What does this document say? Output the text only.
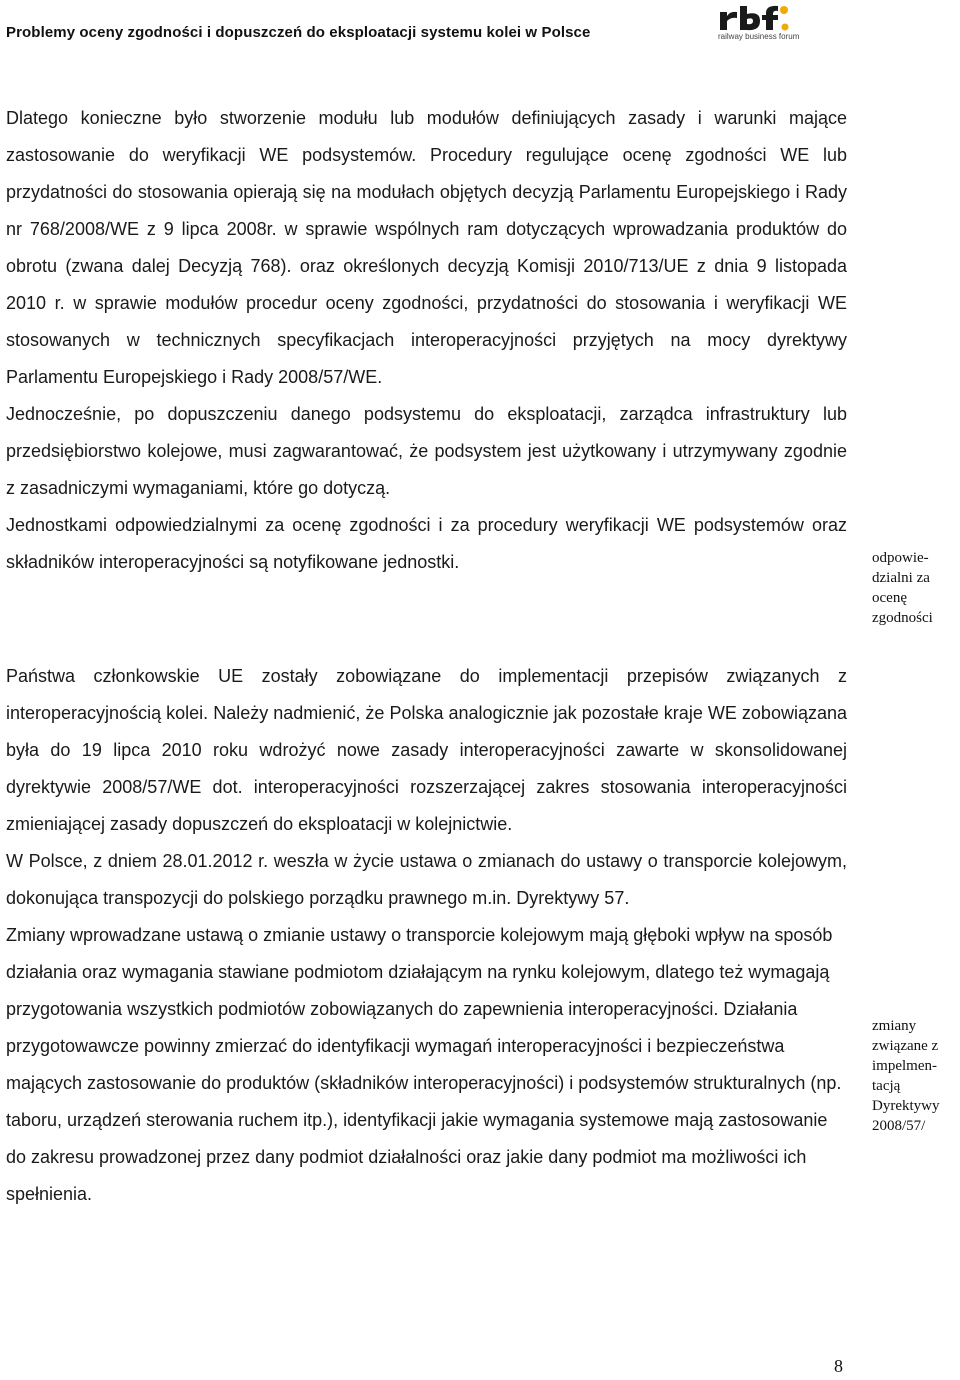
Problemy oceny zgodności i dopuszczeń do eksploatacji systemu kolei w Polsce	railway business forum

Dlatego konieczne było stworzenie modułu lub modułów definiujących zasady i warunki mające zastosowanie do weryfikacji WE podsystemów. Procedury regulujące ocenę zgodności WE lub przydatności do stosowania opierają się na modułach objętych decyzją Parlamentu Europejskiego i Rady nr 768/2008/WE z 9 lipca 2008r. w sprawie wspólnych ram dotyczących wprowadzania produktów do obrotu (zwana dalej Decyzją 768). oraz określonych decyzją Komisji 2010/713/UE z dnia 9 listopada 2010 r. w sprawie modułów procedur oceny zgodności, przydatności do stosowania i weryfikacji WE stosowanych w technicznych specyfikacjach interoperacyjności przyjętych na mocy dyrektywy Parlamentu Europejskiego i Rady 2008/57/WE.

Jednocześnie, po dopuszczeniu danego podsystemu do eksploatacji, zarządca infrastruktury lub przedsiębiorstwo kolejowe, musi zagwarantować, że podsystem jest użytkowany i utrzymywany zgodnie z zasadniczymi wymaganiami, które go dotyczą.

Jednostkami odpowiedzialnymi za ocenę zgodności i za procedury weryfikacji WE podsystemów oraz składników interoperacyjności są notyfikowane jednostki.	odpowie-
dzialni za
ocenę
zgodności

Państwa członkowskie UE zostały zobowiązane do implementacji przepisów związanych z interoperacyjnością kolei. Należy nadmienić, że Polska analogicznie jak pozostałe kraje WE zobowiązana była do 19 lipca 2010 roku wdrożyć nowe zasady interoperacyjności zawarte w skonsolidowanej dyrektywie 2008/57/WE dot. interoperacyjności rozszerzającej zakres stosowania interoperacyjności zmieniającej zasady dopuszczeń do eksploatacji w kolejnictwie.

W Polsce, z dniem 28.01.2012 r. weszła w życie ustawa o zmianach do ustawy o transporcie kolejowym, dokonująca transpozycji do polskiego porządku prawnego m.in. Dyrektywy 57.

Zmiany wprowadzane ustawą o zmianie ustawy o transporcie kolejowym mają głęboki wpływ na sposób działania oraz wymagania stawiane podmiotom działającym na rynku kolejowym, dlatego też wymagają przygotowania wszystkich podmiotów zobowiązanych do zapewnienia interoperacyjności. Działania przygotowawcze powinny zmierzać do identyfikacji wymagań interoperacyjności i bezpieczeństwa mających zastosowanie do produktów (składników interoperacyjności) i podsystemów strukturalnych (np. taboru, urządzeń sterowania ruchem itp.), identyfikacji jakie wymagania systemowe mają zastosowanie do zakresu prowadzonej przez dany podmiot działalności oraz jakie dany podmiot ma możliwości ich spełnienia.

zmiany
związane z
impelmen-
tacją
Dyrektywy
2008/57/
8
